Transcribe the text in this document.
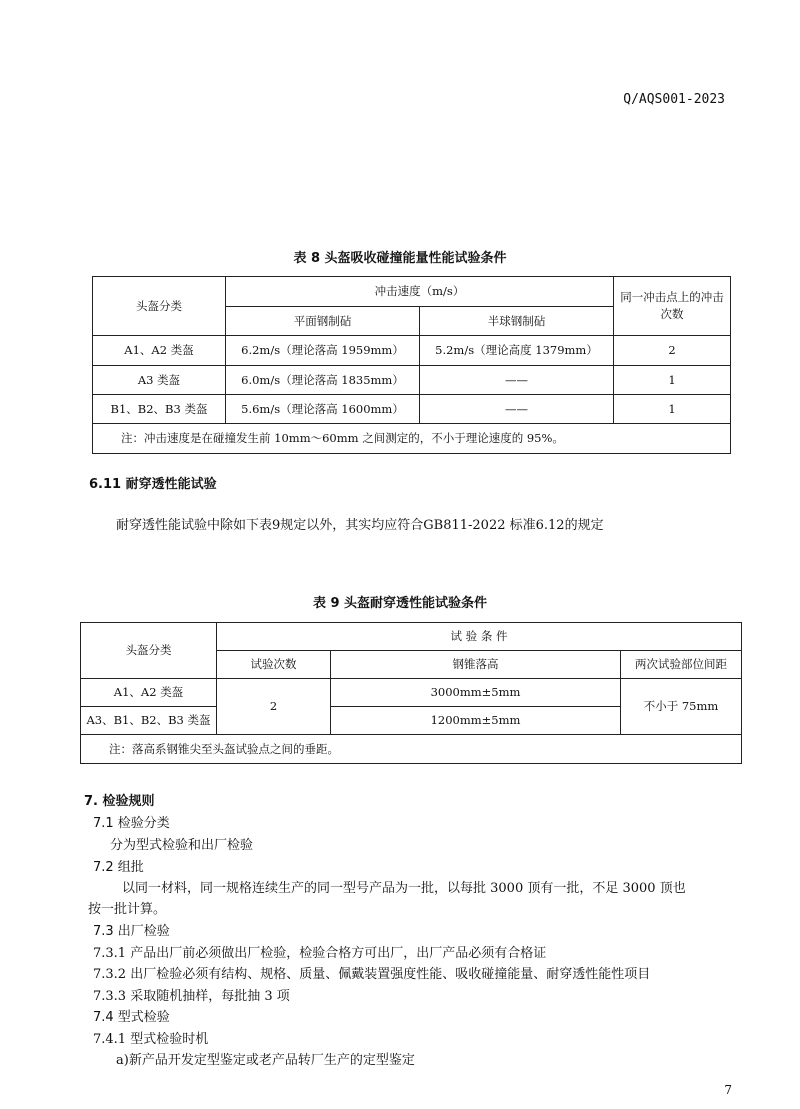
Q/AQS001-2023
表 8 头盔吸收碰撞能量性能试验条件
头盔分类	冲击速度（m/s）		同一冲击点上的冲击次数
	平面钢制砧	半球钢制砧	
A1、A2 类盔	6.2m/s（理论落高 1959mm）	5.2m/s（理论高度 1379mm）	2
A3 类盔	6.0m/s（理论落高 1835mm）	——	1
B1、B2、B3 类盔	5.6m/s（理论落高 1600mm）	——	1
注：冲击速度是在碰撞发生前 10mm～60mm 之间测定的，不小于理论速度的 95%。			
6.11 耐穿透性能试验
耐穿透性能试验中除如下表9规定以外，其实均应符合GB811-2022 标准6.12的规定
表 9 头盔耐穿透性能试验条件
头盔分类	试 验 条 件		
	试验次数	钢锥落高	两次试验部位间距
A1、A2 类盔	2	3000mm±5mm	不小于 75mm
A3、B1、B2、B3 类盔		1200mm±5mm	
注：落高系钢锥尖至头盔试验点之间的垂距。			
7. 检验规则
7.1 检验分类
分为型式检验和出厂检验
7.2 组批
以同一材料，同一规格连续生产的同一型号产品为一批，以每批 3000 顶有一批，不足 3000 顶也
按一批计算。
7.3 出厂检验
7.3.1 产品出厂前必须做出厂检验，检验合格方可出厂，出厂产品必须有合格证
7.3.2 出厂检验必须有结构、规格、质量、佩戴装置强度性能、吸收碰撞能量、耐穿透性能性项目
7.3.3 采取随机抽样，每批抽 3 项
7.4 型式检验
7.4.1 型式检验时机
a)新产品开发定型鉴定或老产品转厂生产的定型鉴定
7
